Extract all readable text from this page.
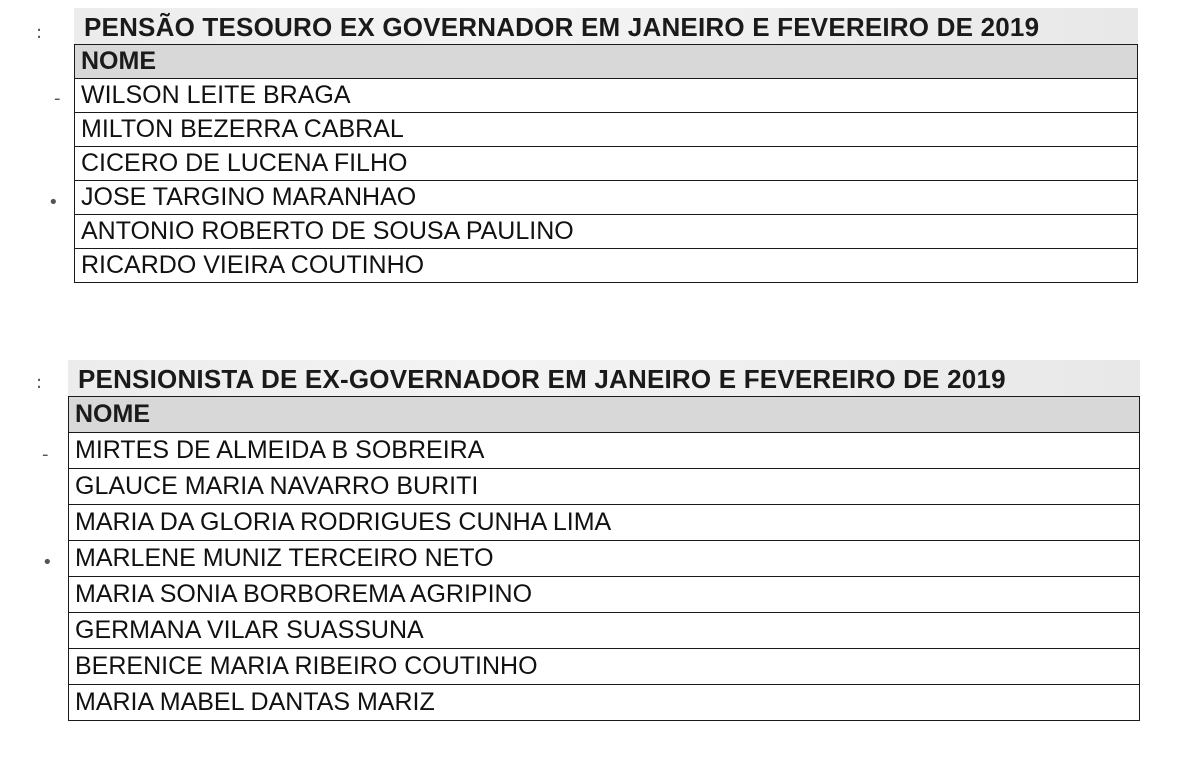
:
-
•
:
-
•
PENSÃO TESOURO EX GOVERNADOR EM JANEIRO E FEVEREIRO DE 2019
NOME
WILSON LEITE BRAGA
MILTON BEZERRA CABRAL
CICERO DE LUCENA FILHO
JOSE TARGINO MARANHAO
ANTONIO ROBERTO DE SOUSA PAULINO
RICARDO VIEIRA COUTINHO
PENSIONISTA DE EX-GOVERNADOR EM JANEIRO E FEVEREIRO DE 2019
NOME
MIRTES DE ALMEIDA B SOBREIRA
GLAUCE MARIA NAVARRO BURITI
MARIA DA GLORIA RODRIGUES CUNHA LIMA
MARLENE MUNIZ TERCEIRO NETO
MARIA SONIA BORBOREMA AGRIPINO
GERMANA VILAR SUASSUNA
BERENICE MARIA RIBEIRO COUTINHO
MARIA MABEL DANTAS MARIZ
